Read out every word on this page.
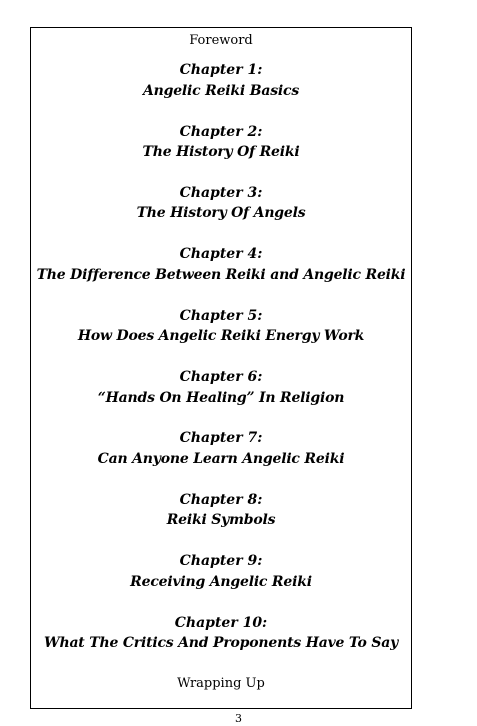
Foreword
Chapter 1:
Angelic Reiki Basics
Chapter 2:
The History Of Reiki
Chapter 3:
The History Of Angels
Chapter 4:
The Difference Between Reiki and Angelic Reiki
Chapter 5:
How Does Angelic Reiki Energy Work
Chapter 6:
“Hands On Healing” In Religion
Chapter 7:
Can Anyone Learn Angelic Reiki
Chapter 8:
Reiki Symbols
Chapter 9:
Receiving Angelic Reiki
Chapter 10:
What The Critics And Proponents Have To Say
Wrapping Up
3
